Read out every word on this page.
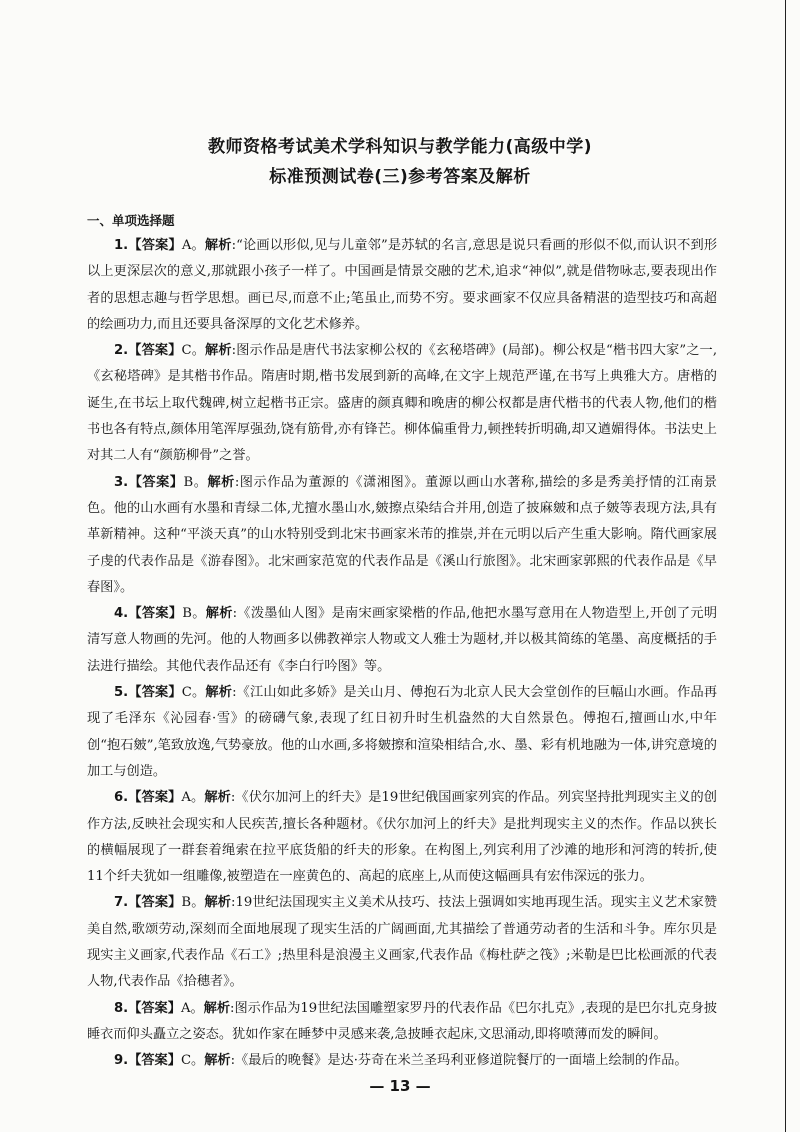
教师资格考试美术学科知识与教学能力(高级中学)
标准预测试卷(三)参考答案及解析
一、单项选择题

1.【答案】A。解析:“论画以形似,见与儿童邻”是苏轼的名言,意思是说只看画的形似不似,而认识不到形以上更深层次的意义,那就跟小孩子一样了。中国画是情景交融的艺术,追求“神似”,就是借物咏志,要表现出作者的思想志趣与哲学思想。画已尽,而意不止;笔虽止,而势不穷。要求画家不仅应具备精湛的造型技巧和高超的绘画功力,而且还要具备深厚的文化艺术修养。

2.【答案】C。解析:图示作品是唐代书法家柳公权的《玄秘塔碑》(局部)。柳公权是“楷书四大家”之一,《玄秘塔碑》是其楷书作品。隋唐时期,楷书发展到新的高峰,在文字上规范严谨,在书写上典雅大方。唐楷的诞生,在书坛上取代魏碑,树立起楷书正宗。盛唐的颜真卿和晚唐的柳公权都是唐代楷书的代表人物,他们的楷书也各有特点,颜体用笔浑厚强劲,饶有筋骨,亦有锋芒。柳体偏重骨力,顿挫转折明确,却又遒媚得体。书法史上对其二人有“颜筋柳骨”之誉。

3.【答案】B。解析:图示作品为董源的《潇湘图》。董源以画山水著称,描绘的多是秀美抒情的江南景色。他的山水画有水墨和青绿二体,尤擅水墨山水,皴擦点染结合并用,创造了披麻皴和点子皴等表现方法,具有革新精神。这种“平淡天真”的山水特别受到北宋书画家米芾的推崇,并在元明以后产生重大影响。隋代画家展子虔的代表作品是《游春图》。北宋画家范宽的代表作品是《溪山行旅图》。北宋画家郭熙的代表作品是《早春图》。

4.【答案】B。解析:《泼墨仙人图》是南宋画家梁楷的作品,他把水墨写意用在人物造型上,开创了元明清写意人物画的先河。他的人物画多以佛教禅宗人物或文人雅士为题材,并以极其简练的笔墨、高度概括的手法进行描绘。其他代表作品还有《李白行吟图》等。

5.【答案】C。解析:《江山如此多娇》是关山月、傅抱石为北京人民大会堂创作的巨幅山水画。作品再现了毛泽东《沁园春·雪》的磅礴气象,表现了红日初升时生机盎然的大自然景色。傅抱石,擅画山水,中年创“抱石皴”,笔致放逸,气势豪放。他的山水画,多将皴擦和渲染相结合,水、墨、彩有机地融为一体,讲究意境的加工与创造。

6.【答案】A。解析:《伏尔加河上的纤夫》是19世纪俄国画家列宾的作品。列宾坚持批判现实主义的创作方法,反映社会现实和人民疾苦,擅长各种题材。《伏尔加河上的纤夫》是批判现实主义的杰作。作品以狭长的横幅展现了一群套着绳索在拉平底货船的纤夫的形象。在构图上,列宾利用了沙滩的地形和河湾的转折,使11个纤夫犹如一组雕像,被塑造在一座黄色的、高起的底座上,从而使这幅画具有宏伟深远的张力。

7.【答案】B。解析:19世纪法国现实主义美术从技巧、技法上强调如实地再现生活。现实主义艺术家赞美自然,歌颂劳动,深刻而全面地展现了现实生活的广阔画面,尤其描绘了普通劳动者的生活和斗争。库尔贝是现实主义画家,代表作品《石工》;热里科是浪漫主义画家,代表作品《梅杜萨之筏》;米勒是巴比松画派的代表人物,代表作品《拾穗者》。

8.【答案】A。解析:图示作品为19世纪法国雕塑家罗丹的代表作品《巴尔扎克》,表现的是巴尔扎克身披睡衣而仰头矗立之姿态。犹如作家在睡梦中灵感来袭,急披睡衣起床,文思涌动,即将喷薄而发的瞬间。

9.【答案】C。解析:《最后的晚餐》是达·芬奇在米兰圣玛利亚修道院餐厅的一面墙上绘制的作品。

— 13 —
